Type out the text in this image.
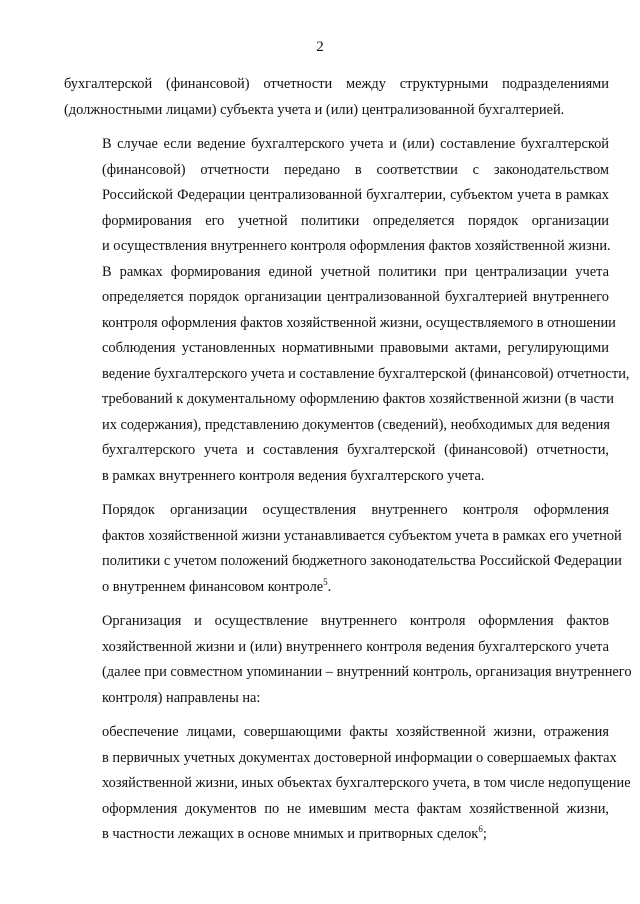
2

бухгалтерской (финансовой) отчетности между структурными подразделениями
(должностными лицами) субъекта учета и (или) централизованной бухгалтерией.

В случае если ведение бухгалтерского учета и (или) составление бухгалтерской
(финансовой) отчетности передано в соответствии с законодательством
Российской Федерации централизованной бухгалтерии, субъектом учета в рамках
формирования его учетной политики определяется порядок организации
и осуществления внутреннего контроля оформления фактов хозяйственной жизни.
В рамках формирования единой учетной политики при централизации учета
определяется порядок организации централизованной бухгалтерией внутреннего
контроля оформления фактов хозяйственной жизни, осуществляемого в отношении
соблюдения установленных нормативными правовыми актами, регулирующими
ведение бухгалтерского учета и составление бухгалтерской (финансовой) отчетности,
требований к документальному оформлению фактов хозяйственной жизни (в части
их содержания), представлению документов (сведений), необходимых для ведения
бухгалтерского учета и составления бухгалтерской (финансовой) отчетности,
в рамках внутреннего контроля ведения бухгалтерского учета.

Порядок организации осуществления внутреннего контроля оформления
фактов хозяйственной жизни устанавливается субъектом учета в рамках его учетной
политики с учетом положений бюджетного законодательства Российской Федерации
о внутреннем финансовом контроле$^5$.

Организация и осуществление внутреннего контроля оформления фактов
хозяйственной жизни и (или) внутреннего контроля ведения бухгалтерского учета
(далее при совместном упоминании – внутренний контроль, организация внутреннего
контроля) направлены на:

обеспечение лицами, совершающими факты хозяйственной жизни, отражения
в первичных учетных документах достоверной информации о совершаемых фактах
хозяйственной жизни, иных объектах бухгалтерского учета, в том числе недопущение
оформления документов по не имевшим места фактам хозяйственной жизни,
в частности лежащих в основе мнимых и притворных сделок$^6$;
